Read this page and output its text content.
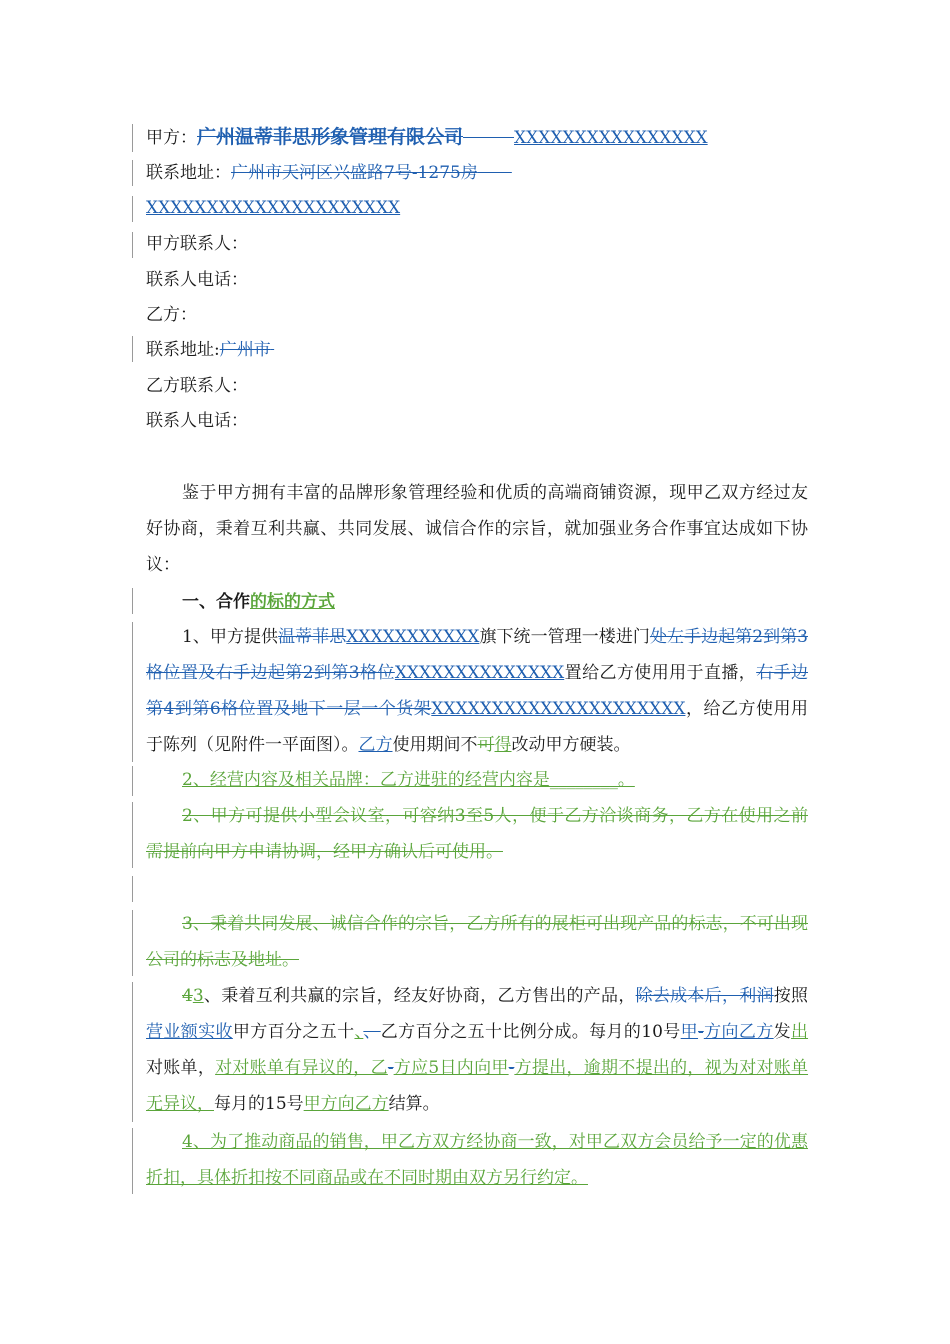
甲方：广州温蒂菲思形象管理有限公司   	XXXXXXXXXXXXXXXX
联系地址：广州市天河区兴盛路7号-1275房  
XXXXXXXXXXXXXXXXXXXXX
甲方联系人：
联系人电话：
乙方：
联系地址:广州市 
乙方联系人：
联系人电话：
鉴于甲方拥有丰富的品牌形象管理经验和优质的高端商铺资源，现甲乙双方经过友好协商，秉着互利共赢、共同发展、诚信合作的宗旨，就加强业务合作事宜达成如下协议：
一、合作的标的方式
1、甲方提供温蒂菲思XXXXXXXXXXX旗下统一管理一楼进门处左手边起第2到第3格位置及右手边起第2到第3格位XXXXXXXXXXXXXX置给乙方使用用于直播，右手边第4到第6格位置及地下一层一个货架XXXXXXXXXXXXXXXXXXXXX，给乙方使用用于陈列（见附件一平面图）。乙方使用期间不可得改动甲方硬装。
2、经营内容及相关品牌：乙方进驻的经营内容是________。
2、甲方可提供小型会议室，可容纳3至5人，便于乙方洽谈商务，乙方在使用之前需提前向甲方申请协调，经甲方确认后可使用。
3、秉着共同发展、诚信合作的宗旨，乙方所有的展柜可出现产品的标志，不可出现公司的标志及地址。
43、秉着互利共赢的宗旨，经友好协商，乙方售出的产品，除去成本后，利润按照营业额实收甲方百分之五十、、乙方百分之五十比例分成。每月的10号甲-方向乙方发出对账单，对对账单有异议的，乙-方应5日内向甲-方提出，逾期不提出的，视为对对账单无异议，每月的15号甲方向乙方结算。
4、为了推动商品的销售，甲乙方双方经协商一致，对甲乙双方会员给予一定的优惠折扣，具体折扣按不同商品或在不同时期由双方另行约定。
